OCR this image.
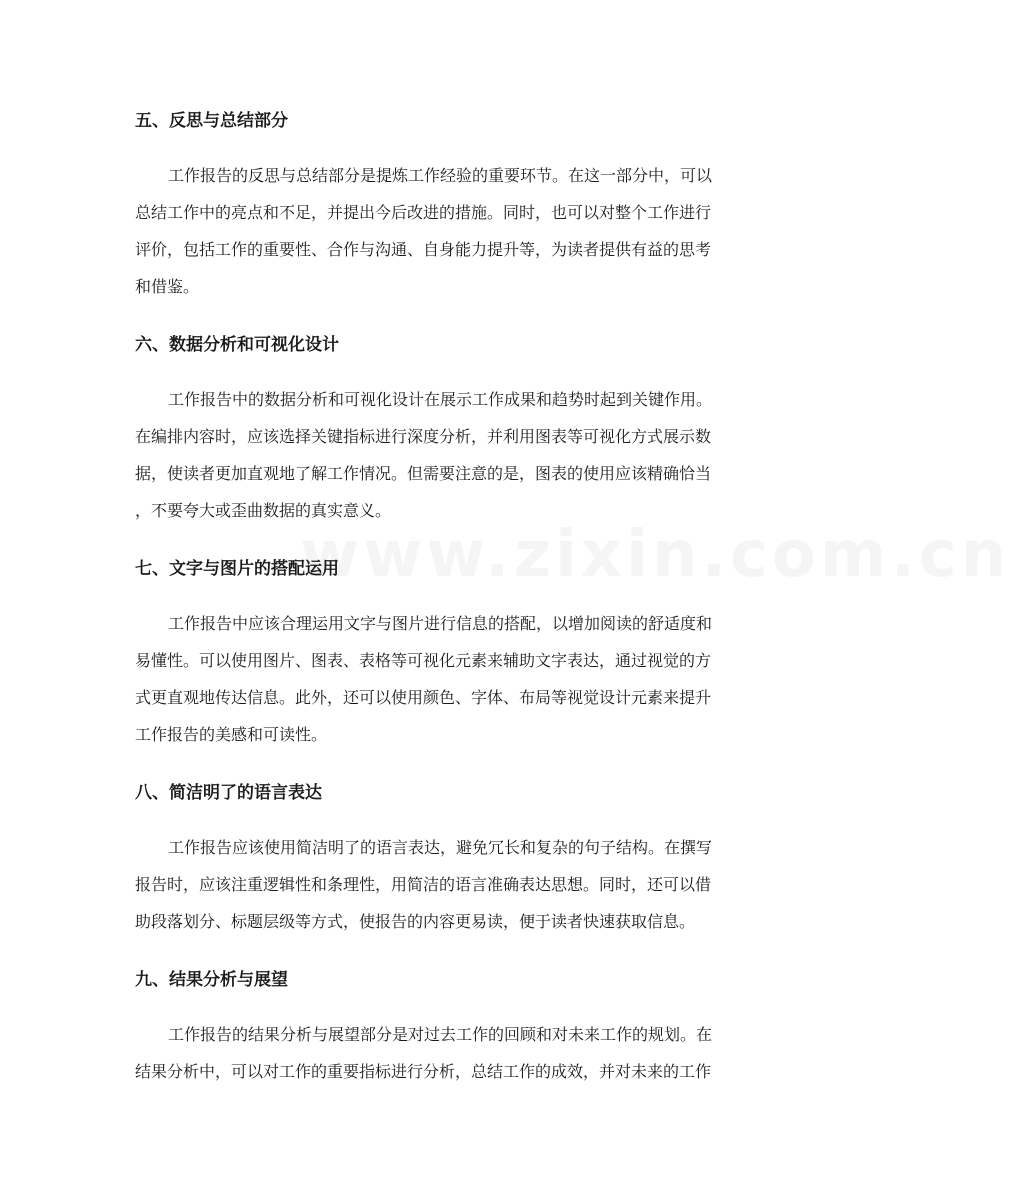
www.zixin.com.cn
五、反思与总结部分

工作报告的反思与总结部分是提炼工作经验的重要环节。在这一部分中，可以
总结工作中的亮点和不足，并提出今后改进的措施。同时，也可以对整个工作进行
评价，包括工作的重要性、合作与沟通、自身能力提升等，为读者提供有益的思考
和借鉴。

六、数据分析和可视化设计

工作报告中的数据分析和可视化设计在展示工作成果和趋势时起到关键作用。
在编排内容时，应该选择关键指标进行深度分析，并利用图表等可视化方式展示数
据，使读者更加直观地了解工作情况。但需要注意的是，图表的使用应该精确恰当
，不要夸大或歪曲数据的真实意义。

七、文字与图片的搭配运用

工作报告中应该合理运用文字与图片进行信息的搭配，以增加阅读的舒适度和
易懂性。可以使用图片、图表、表格等可视化元素来辅助文字表达，通过视觉的方
式更直观地传达信息。此外，还可以使用颜色、字体、布局等视觉设计元素来提升
工作报告的美感和可读性。

八、简洁明了的语言表达

工作报告应该使用简洁明了的语言表达，避免冗长和复杂的句子结构。在撰写
报告时，应该注重逻辑性和条理性，用简洁的语言准确表达思想。同时，还可以借
助段落划分、标题层级等方式，使报告的内容更易读，便于读者快速获取信息。

九、结果分析与展望

工作报告的结果分析与展望部分是对过去工作的回顾和对未来工作的规划。在
结果分析中，可以对工作的重要指标进行分析，总结工作的成效，并对未来的工作
